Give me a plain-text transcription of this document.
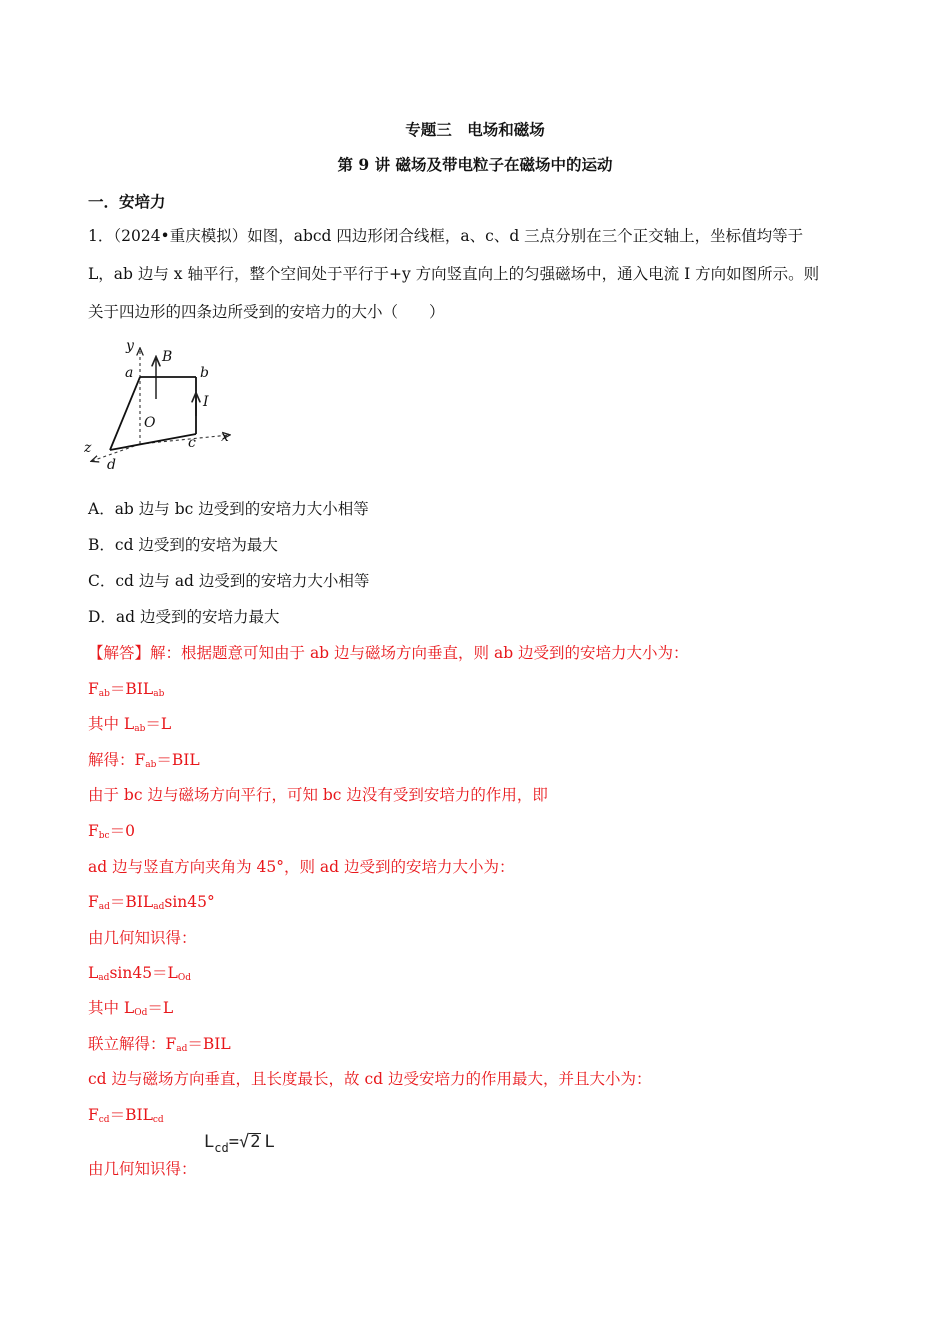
专题三　电场和磁场
第 9 讲 磁场及带电粒子在磁场中的运动
一．安培力
1．（2024•重庆模拟）如图，abcd 四边形闭合线框，a、c、d 三点分别在三个正交轴上，坐标值均等于
L，ab 边与 x 轴平行，整个空间处于平行于+y 方向竖直向上的匀强磁场中，通入电流 I 方向如图所示。则
关于四边形的四条边所受到的安培力的大小（　　）
y
B
a	b
I
O
x
z	c
d
A．ab 边与 bc 边受到的安培力大小相等
B．cd 边受到的安培为最大
C．cd 边与 ad 边受到的安培力大小相等
D．ad 边受到的安培力最大
【解答】解：根据题意可知由于 ab 边与磁场方向垂直，则 ab 边受到的安培力大小为：
$F_{ab}=BIL_{ab}$
其中 $L_{ab}=L$
解得：$F_{ab}=BIL$
由于 bc 边与磁场方向平行，可知 bc 边没有受到安培力的作用，即
$F_{bc}=0$
ad 边与竖直方向夹角为 45°，则 ad 边受到的安培力大小为：
$F_{ad}=BIL_{ad}\sin 45^\circ$
由几何知识得：
$L_{ad}\sin 45=L_{Od}$
其中 $L_{Od}=L$
联立解得：$F_{ad}=BIL$
cd 边与磁场方向垂直，且长度最长，故 cd 边受安培力的作用最大，并且大小为：
$F_{cd}=BIL_{cd}$
由几何知识得：
$L_{cd}=√2$ L
